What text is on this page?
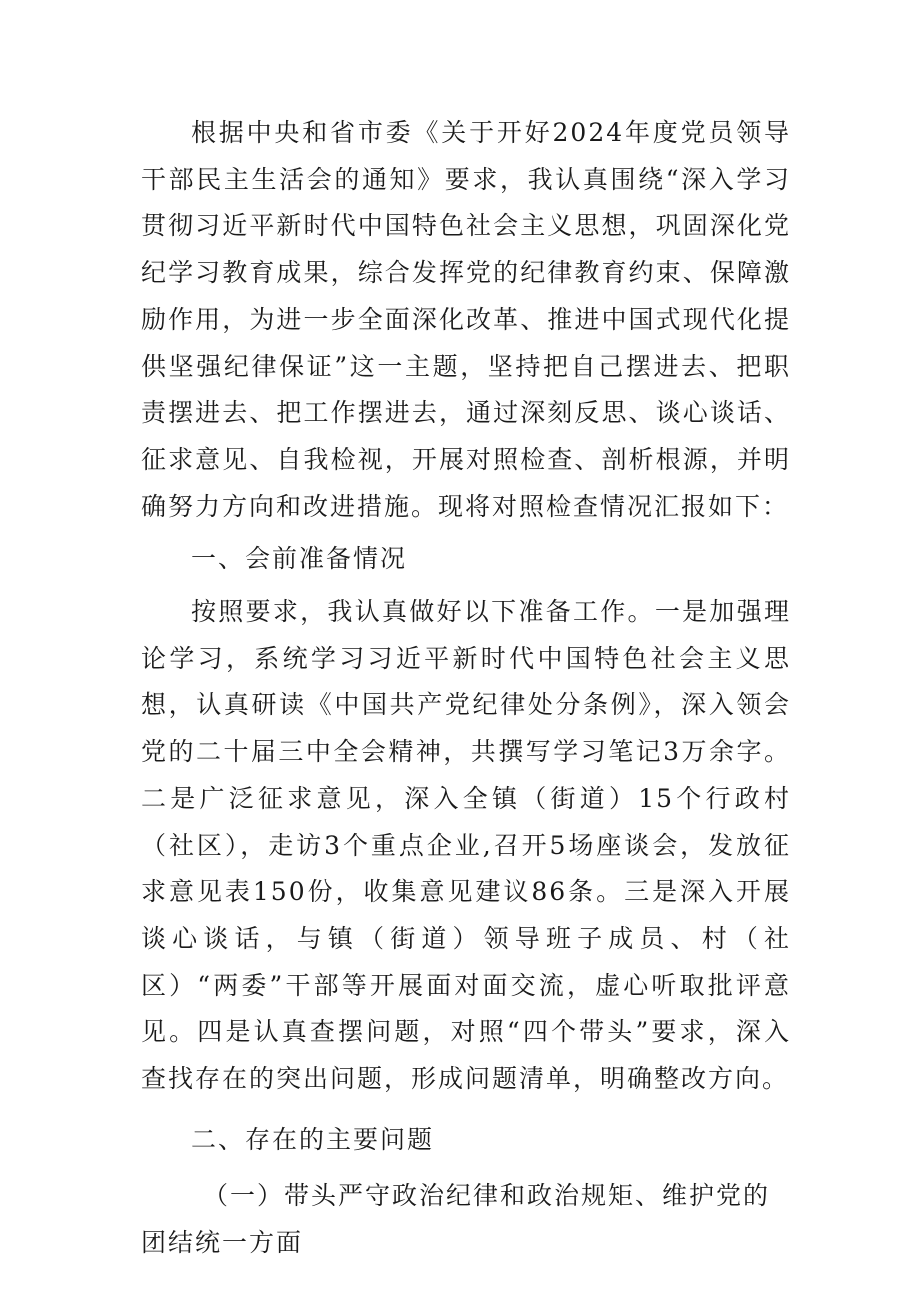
根据中央和省市委《关于开好2024年度党员领导干部民主生活会的通知》要求，我认真围绕“深入学习贯彻习近平新时代中国特色社会主义思想，巩固深化党纪学习教育成果，综合发挥党的纪律教育约束、保障激励作用，为进一步全面深化改革、推进中国式现代化提供坚强纪律保证”这一主题，坚持把自己摆进去、把职责摆进去、把工作摆进去，通过深刻反思、谈心谈话、征求意见、自我检视，开展对照检查、剖析根源，并明确努力方向和改进措施。现将对照检查情况汇报如下：

一、会前准备情况

按照要求，我认真做好以下准备工作。一是加强理论学习，系统学习习近平新时代中国特色社会主义思想，认真研读《中国共产党纪律处分条例》，深入领会党的二十届三中全会精神，共撰写学习笔记3万余字。二是广泛征求意见，深入全镇（街道）15个行政村（社区），走访3个重点企业,召开5场座谈会，发放征求意见表150份，收集意见建议86条。三是深入开展谈心谈话，与镇（街道）领导班子成员、村（社区）“两委”干部等开展面对面交流，虚心听取批评意见。四是认真查摆问题，对照“四个带头”要求，深入查找存在的突出问题，形成问题清单，明确整改方向。

二、存在的主要问题

（一）带头严守政治纪律和政治规矩、维护党的团结统一方面
